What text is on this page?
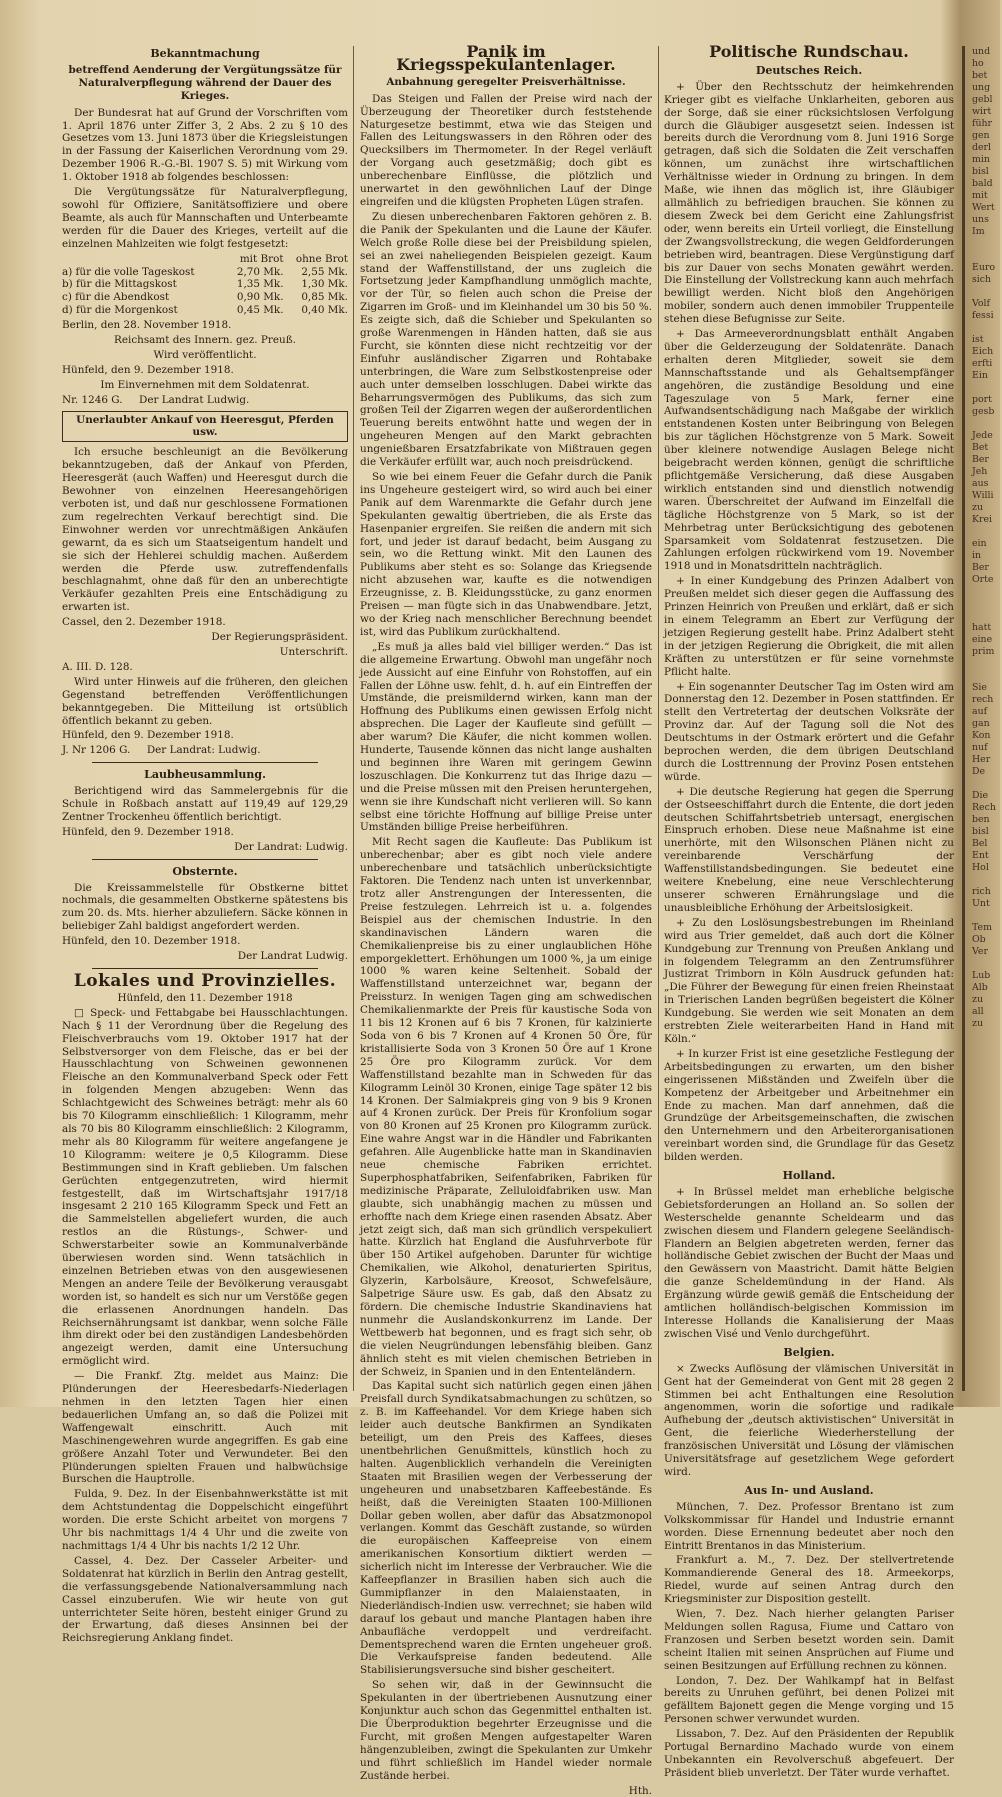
Bekanntmachung
betreffend Aenderung der Vergütungssätze für Naturalverpflegung während der Dauer des Krieges.

Der Bundesrat hat auf Grund der Vorschriften vom 1. April 1876 unter Ziffer 3, 2 Abs. 2 zu § 10 des Gesetzes vom 13. Juni 1873 über die Kriegsleistungen in der Fassung der Kaiserlichen Verordnung vom 29. Dezember 1906 R.-G.-Bl. 1907 S. 5) mit Wirkung vom 1. Oktober 1918 ab folgendes beschlossen:

Die Vergütungssätze für Naturalverpflegung, sowohl für Offiziere, Sanitätsoffiziere und obere Beamte, als auch für Mannschaften und Unterbeamte werden für die Dauer des Krieges, verteilt auf die einzelnen Mahlzeiten wie folgt festgesetzt:

	mit Brot	ohne Brot
a) für die volle Tageskost	2,70 Mk.	2,55 Mk.
b) für die Mittagskost	1,35 Mk.	1,30 Mk.
c) für die Abendkost	0,90 Mk.	0,85 Mk.
d) für die Morgenkost	0,45 Mk.	0,40 Mk.

Berlin, den 28. November 1918.

Reichsamt des Innern. gez. Preuß.

Wird veröffentlicht.

Hünfeld, den 9. Dezember 1918.

Im Einvernehmen mit dem Soldatenrat.

Nr. 1246 G. Der Landrat Ludwig.

Unerlaubter Ankauf von Heeresgut, Pferden usw.

Ich ersuche beschleunigt an die Bevölkerung bekanntzugeben, daß der Ankauf von Pferden, Heeresgerät (auch Waffen) und Heeresgut durch die Bewohner von einzelnen Heeresangehörigen verboten ist, und daß nur geschlossene Formationen zum regelrechten Verkauf berechtigt sind. Die Einwohner werden vor unrechtmäßigen Ankäufen gewarnt, da es sich um Staatseigentum handelt und sie sich der Hehlerei schuldig machen. Außerdem werden die Pferde usw. zutreffendenfalls beschlagnahmt, ohne daß für den an unberechtigte Verkäufer gezahlten Preis eine Entschädigung zu erwarten ist.

Cassel, den 2. Dezember 1918.

Der Regierungspräsident.

Unterschrift.

A. III. D. 128.

Wird unter Hinweis auf die früheren, den gleichen Gegenstand betreffenden Veröffentlichungen bekanntgegeben. Die Mitteilung ist ortsüblich öffentlich bekannt zu geben.

Hünfeld, den 9. Dezember 1918.

J. Nr 1206 G. Der Landrat: Ludwig.

Laubheusammlung.

Berichtigend wird das Sammelergebnis für die Schule in Roßbach anstatt auf 119,49 auf 129,29 Zentner Trockenheu öffentlich berichtigt.

Hünfeld, den 9. Dezember 1918.

Der Landrat: Ludwig.

Obsternte.

Die Kreissammelstelle für Obstkerne bittet nochmals, die gesammelten Obstkerne spätestens bis zum 20. ds. Mts. hierher abzuliefern. Säcke können in beliebiger Zahl baldigst angefordert werden.

Hünfeld, den 10. Dezember 1918.

Der Landrat Ludwig.

Lokales und Provinzielles.

Hünfeld, den 11. Dezember 1918

□ Speck- und Fettabgabe bei Hausschlachtungen. Nach § 11 der Verordnung über die Regelung des Fleischverbrauchs vom 19. Oktober 1917 hat der Selbstversorger von dem Fleische, das er bei der Hausschlachtung von Schweinen gewonnenen Fleische an den Kommunalverband Speck oder Fett in folgenden Mengen abzugeben: Wenn das Schlachtgewicht des Schweines beträgt: mehr als 60 bis 70 Kilogramm einschließlich: 1 Kilogramm, mehr als 70 bis 80 Kilogramm einschließlich: 2 Kilogramm, mehr als 80 Kilogramm für weitere angefangene je 10 Kilogramm: weitere je 0,5 Kilogramm. Diese Bestimmungen sind in Kraft geblieben. Um falschen Gerüchten entgegenzutreten, wird hiermit festgestellt, daß im Wirtschaftsjahr 1917/18 insgesamt 2 210 165 Kilogramm Speck und Fett an die Sammelstellen abgeliefert wurden, die auch restlos an die Rüstungs-, Schwer- und Schwerstarbeiter sowie an Kommunalverbände überwiesen worden sind. Wenn tatsächlich in einzelnen Betrieben etwas von den ausgewiesenen Mengen an andere Teile der Bevölkerung verausgabt worden ist, so handelt es sich nur um Verstöße gegen die erlassenen Anordnungen handeln. Das Reichsernährungsamt ist dankbar, wenn solche Fälle ihm direkt oder bei den zuständigen Landesbehörden angezeigt werden, damit eine Untersuchung ermöglicht wird.

— Die Frankf. Ztg. meldet aus Mainz: Die Plünderungen der Heeresbedarfs-Niederlagen nehmen in den letzten Tagen hier einen bedauerlichen Umfang an, so daß die Polizei mit Waffengewalt einschritt. Auch mit Maschinengewehren wurde angegriffen. Es gab eine größere Anzahl Toter und Verwundeter. Bei den Plünderungen spielten Frauen und halbwüchsige Burschen die Hauptrolle.

Fulda, 9. Dez. In der Eisenbahnwerkstätte ist mit dem Achtstundentag die Doppelschicht eingeführt worden. Die erste Schicht arbeitet von morgens 7 Uhr bis nachmittags 1/4 4 Uhr und die zweite von nachmittags 1/4 4 Uhr bis nachts 1/2 12 Uhr.

Cassel, 4. Dez. Der Casseler Arbeiter- und Soldatenrat hat kürzlich in Berlin den Antrag gestellt, die verfassungsgebende Nationalversammlung nach Cassel einzuberufen. Wie wir heute von gut unterrichteter Seite hören, besteht einiger Grund zu der Erwartung, daß dieses Ansinnen bei der Reichsregierung Anklang findet.

Panik im Kriegsspekulantenlager.
Anbahnung geregelter Preisverhältnisse.

Das Steigen und Fallen der Preise wird nach der Überzeugung der Theoretiker durch feststehende Naturgesetze bestimmt, etwa wie das Steigen und Fallen des Leitungswassers in den Röhren oder des Quecksilbers im Thermometer. In der Regel verläuft der Vorgang auch gesetzmäßig; doch gibt es unberechenbare Einflüsse, die plötzlich und unerwartet in den gewöhnlichen Lauf der Dinge eingreifen und die klügsten Propheten Lügen strafen.

Zu diesen unberechenbaren Faktoren gehören z. B. die Panik der Spekulanten und die Laune der Käufer. Welch große Rolle diese bei der Preisbildung spielen, sei an zwei naheliegenden Beispielen gezeigt. Kaum stand der Waffenstillstand, der uns zugleich die Fortsetzung jeder Kampfhandlung unmöglich machte, vor der Tür, so fielen auch schon die Preise der Zigarren im Groß- und im Kleinhandel um 30 bis 50 %. Es zeigte sich, daß die Schieber und Spekulanten so große Warenmengen in Händen hatten, daß sie aus Furcht, sie könnten diese nicht rechtzeitig vor der Einfuhr ausländischer Zigarren und Rohtabake unterbringen, die Ware zum Selbstkostenpreise oder auch unter demselben losschlugen. Dabei wirkte das Beharrungsvermögen des Publikums, das sich zum großen Teil der Zigarren wegen der außerordentlichen Teuerung bereits entwöhnt hatte und wegen der in ungeheuren Mengen auf den Markt gebrachten ungenießbaren Ersatzfabrikate von Mißtrauen gegen die Verkäufer erfüllt war, auch noch preisdrückend.

So wie bei einem Feuer die Gefahr durch die Panik ins Ungeheure gesteigert wird, so wird auch bei einer Panik auf dem Warenmarkte die Gefahr durch jene Spekulanten gewaltig übertrieben, die als Erste das Hasenpanier ergreifen. Sie reißen die andern mit sich fort, und jeder ist darauf bedacht, beim Ausgang zu sein, wo die Rettung winkt. Mit den Launen des Publikums aber steht es so: Solange das Kriegsende nicht abzusehen war, kaufte es die notwendigen Erzeugnisse, z. B. Kleidungsstücke, zu ganz enormen Preisen — man fügte sich in das Unabwendbare. Jetzt, wo der Krieg nach menschlicher Berechnung beendet ist, wird das Publikum zurückhaltend.

„Es muß ja alles bald viel billiger werden.“ Das ist die allgemeine Erwartung. Obwohl man ungefähr noch jede Aussicht auf eine Einfuhr von Rohstoffen, auf ein Fallen der Löhne usw. fehlt, d. h. auf ein Eintreffen der Umstände, die preismildernd wirken, kann man der Hoffnung des Publikums einen gewissen Erfolg nicht absprechen. Die Lager der Kaufleute sind gefüllt — aber warum? Die Käufer, die nicht kommen wollen. Hunderte, Tausende können das nicht lange aushalten und beginnen ihre Waren mit geringem Gewinn loszuschlagen. Die Konkurrenz tut das Ihrige dazu — und die Preise müssen mit den Preisen heruntergehen, wenn sie ihre Kundschaft nicht verlieren will. So kann selbst eine törichte Hoffnung auf billige Preise unter Umständen billige Preise herbeiführen.

Mit Recht sagen die Kaufleute: Das Publikum ist unberechenbar; aber es gibt noch viele andere unberechenbare und tatsächlich unberücksichtigte Faktoren. Die Tendenz nach unten ist unverkennbar, trotz aller Anstrengungen der Interessenten, die Preise festzulegen. Lehrreich ist u. a. folgendes Beispiel aus der chemischen Industrie. In den skandinavischen Ländern waren die Chemikalienpreise bis zu einer unglaublichen Höhe emporgeklettert. Erhöhungen um 1000 %, ja um einige 1000 % waren keine Seltenheit. Sobald der Waffenstillstand unterzeichnet war, begann der Preissturz. In wenigen Tagen ging am schwedischen Chemikalienmarkte der Preis für kaustische Soda von 11 bis 12 Kronen auf 6 bis 7 Kronen, für kalzinierte Soda von 6 bis 7 Kronen auf 4 Kronen 50 Öre, für kristallisierte Soda von 3 Kronen 50 Öre auf 1 Krone 25 Öre pro Kilogramm zurück. Vor dem Waffenstillstand bezahlte man in Schweden für das Kilogramm Leinöl 30 Kronen, einige Tage später 12 bis 14 Kronen. Der Salmiakpreis ging von 9 bis 9 Kronen auf 4 Kronen zurück. Der Preis für Kronfolium sogar von 80 Kronen auf 25 Kronen pro Kilogramm zurück. Eine wahre Angst war in die Händler und Fabrikanten gefahren. Alle Augenblicke hatte man in Skandinavien neue chemische Fabriken errichtet. Superphosphatfabriken, Seifenfabriken, Fabriken für medizinische Präparate, Zelluloidfabriken usw. Man glaubte, sich unabhängig machen zu müssen und erhoffte nach dem Kriege einen rasenden Absatz. Aber jetzt zeigt sich, daß man sich gründlich verspekuliert hatte. Kürzlich hat England die Ausfuhrverbote für über 150 Artikel aufgehoben. Darunter für wichtige Chemikalien, wie Alkohol, denaturierten Spiritus, Glyzerin, Karbolsäure, Kreosot, Schwefelsäure, Salpetrige Säure usw. Es gab, daß den Absatz zu fördern. Die chemische Industrie Skandinaviens hat nunmehr die Auslandskonkurrenz im Lande. Der Wettbewerb hat begonnen, und es fragt sich sehr, ob die vielen Neugründungen lebensfähig bleiben. Ganz ähnlich steht es mit vielen chemischen Betrieben in der Schweiz, in Spanien und in den Ententeländern.

Das Kapital sucht sich natürlich gegen einen jähen Preisfall durch Syndikatsabmachungen zu schützen, so z. B. im Kaffeehandel. Vor dem Kriege haben sich leider auch deutsche Bankfirmen an Syndikaten beteiligt, um den Preis des Kaffees, dieses unentbehrlichen Genußmittels, künstlich hoch zu halten. Augenblicklich verhandeln die Vereinigten Staaten mit Brasilien wegen der Verbesserung der ungeheuren und unabsetzbaren Kaffeebestände. Es heißt, daß die Vereinigten Staaten 100-Millionen Dollar geben wollen, aber dafür das Absatzmonopol verlangen. Kommt das Geschäft zustande, so würden die europäischen Kaffeepreise von einem amerikanischen Konsortium diktiert werden — sicherlich nicht im Interesse der Verbraucher. Wie die Kaffeepflanzer in Brasilien haben sich auch die Gummipflanzer in den Malaienstaaten, in Niederländisch-Indien usw. verrechnet; sie haben wild darauf los gebaut und manche Plantagen haben ihre Anbaufläche verdoppelt und verdreifacht. Dementsprechend waren die Ernten ungeheuer groß. Die Verkaufspreise fanden bedeutend. Alle Stabilisierungsversuche sind bisher gescheitert.

So sehen wir, daß in der Gewinnsucht die Spekulanten in der übertriebenen Ausnutzung einer Konjunktur auch schon das Gegenmittel enthalten ist. Die Überproduktion begehrter Erzeugnisse und die Furcht, mit großen Mengen aufgestapelter Waren hängenzubleiben, zwingt die Spekulanten zur Umkehr und führt schließlich im Handel wieder normale Zustände herbei.

Hth.

Politische Rundschau.
Deutsches Reich.

+ Über den Rechtsschutz der heimkehrenden Krieger gibt es vielfache Unklarheiten, geboren aus der Sorge, daß sie einer rücksichtslosen Verfolgung durch die Gläubiger ausgesetzt seien. Indessen ist bereits durch die Verordnung vom 8. Juni 1916 Sorge getragen, daß sich die Soldaten die Zeit verschaffen können, um zunächst ihre wirtschaftlichen Verhältnisse wieder in Ordnung zu bringen. In dem Maße, wie ihnen das möglich ist, ihre Gläubiger allmählich zu befriedigen brauchen. Sie können zu diesem Zweck bei dem Gericht eine Zahlungsfrist oder, wenn bereits ein Urteil vorliegt, die Einstellung der Zwangsvollstreckung, die wegen Geldforderungen betrieben wird, beantragen. Diese Vergünstigung darf bis zur Dauer von sechs Monaten gewährt werden. Die Einstellung der Vollstreckung kann auch mehrfach bewilligt werden. Nicht bloß den Angehörigen mobiler, sondern auch denen immobiler Truppenteile stehen diese Befugnisse zur Seite.

+ Das Armeeverordnungsblatt enthält Angaben über die Gelderzeugung der Soldatenräte. Danach erhalten deren Mitglieder, soweit sie dem Mannschaftsstande und als Gehaltsempfänger angehören, die zuständige Besoldung und eine Tageszulage von 5 Mark, ferner eine Aufwandsentschädigung nach Maßgabe der wirklich entstandenen Kosten unter Beibringung von Belegen bis zur täglichen Höchstgrenze von 5 Mark. Soweit über kleinere notwendige Auslagen Belege nicht beigebracht werden können, genügt die schriftliche pflichtgemäße Versicherung, daß diese Ausgaben wirklich entstanden sind und dienstlich notwendig waren. Überschreitet der Aufwand im Einzelfall die tägliche Höchstgrenze von 5 Mark, so ist der Mehrbetrag unter Berücksichtigung des gebotenen Sparsamkeit vom Soldatenrat festzusetzen. Die Zahlungen erfolgen rückwirkend vom 19. November 1918 und in Monatsdritteln nachträglich.

+ In einer Kundgebung des Prinzen Adalbert von Preußen meldet sich dieser gegen die Auffassung des Prinzen Heinrich von Preußen und erklärt, daß er sich in einem Telegramm an Ebert zur Verfügung der jetzigen Regierung gestellt habe. Prinz Adalbert steht in der jetzigen Regierung die Obrigkeit, die mit allen Kräften zu unterstützen er für seine vornehmste Pflicht halte.

+ Ein sogenannter Deutscher Tag im Osten wird am Donnerstag den 12. Dezember in Posen stattfinden. Er stellt den Vertretertag der deutschen Volksräte der Provinz dar. Auf der Tagung soll die Not des Deutschtums in der Ostmark erörtert und die Gefahr beprochen werden, die dem übrigen Deutschland durch die Losttrennung der Provinz Posen entstehen würde.

+ Die deutsche Regierung hat gegen die Sperrung der Ostseeschiffahrt durch die Entente, die dort jeden deutschen Schiffahrtsbetrieb untersagt, energischen Einspruch erhoben. Diese neue Maßnahme ist eine unerhörte, mit den Wilsonschen Plänen nicht zu vereinbarende Verschärfung der Waffenstillstandsbedingungen. Sie bedeutet eine weitere Knebelung, eine neue Verschlechterung unserer schweren Ernährungslage und die unausbleibliche Erhöhung der Arbeitslosigkeit.

+ Zu den Loslösungsbestrebungen im Rheinland wird aus Trier gemeldet, daß auch dort die Kölner Kundgebung zur Trennung von Preußen Anklang und in folgendem Telegramm an den Zentrumsführer Justizrat Trimborn in Köln Ausdruck gefunden hat: „Die Führer der Bewegung für einen freien Rheinstaat in Trierischen Landen begrüßen begeistert die Kölner Kundgebung. Sie werden wie seit Monaten an dem erstrebten Ziele weiterarbeiten Hand in Hand mit Köln.“

+ In kurzer Frist ist eine gesetzliche Festlegung der Arbeitsbedingungen zu erwarten, um den bisher eingerissenen Mißständen und Zweifeln über die Kompetenz der Arbeitgeber und Arbeitnehmer ein Ende zu machen. Man darf annehmen, daß die Grundzüge der Arbeitsgemeinschaften, die zwischen den Unternehmern und den Arbeiterorganisationen vereinbart worden sind, die Grundlage für das Gesetz bilden werden.

Holland.

+ In Brüssel meldet man erhebliche belgische Gebietsforderungen an Holland an. So sollen der Westerschelde genannte Scheldearm und das zwischen diesem und Flandern gelegene Seeländisch-Flandern an Belgien abgetreten werden, ferner das holländische Gebiet zwischen der Bucht der Maas und den Gewässern von Maastricht. Damit hätte Belgien die ganze Scheldemündung in der Hand. Als Ergänzung würde gewiß gemäß die Entscheidung der amtlichen holländisch-belgischen Kommission im Interesse Hollands die Kanalisierung der Maas zwischen Visé und Venlo durchgeführt.

Belgien.

× Zwecks Auflösung der vlämischen Universität in Gent hat der Gemeinderat von Gent mit 28 gegen 2 Stimmen bei acht Enthaltungen eine Resolution angenommen, worin die sofortige und radikale Aufhebung der „deutsch aktivistischen“ Universität in Gent, die feierliche Wiederherstellung der französischen Universität und Lösung der vlämischen Universitätsfrage auf gesetzlichem Wege gefordert wird.

Aus In- und Ausland.

München, 7. Dez. Professor Brentano ist zum Volkskommissar für Handel und Industrie ernannt worden. Diese Ernennung bedeutet aber noch den Eintritt Brentanos in das Ministerium.

Frankfurt a. M., 7. Dez. Der stellvertretende Kommandierende General des 18. Armeekorps, Riedel, wurde auf seinen Antrag durch den Kriegsminister zur Disposition gestellt.

Wien, 7. Dez. Nach hierher gelangten Pariser Meldungen sollen Ragusa, Fiume und Cattaro von Franzosen und Serben besetzt worden sein. Damit scheint Italien mit seinen Ansprüchen auf Fiume und seinen Besitzungen auf Erfüllung rechnen zu können.

London, 7. Dez. Der Wahlkampf hat in Belfast bereits zu Unruhen geführt, bei denen Polizei mit gefälltem Bajonett gegen die Menge vorging und 15 Personen schwer verwundet wurden.

Lissabon, 7. Dez. Auf den Präsidenten der Republik Portugal Bernardino Machado wurde von einem Unbekannten ein Revolverschuß abgefeuert. Der Präsident blieb unverletzt. Der Täter wurde verhaftet.

und
ho
bet
ung
gebl
wirt
führ
gen
derl
min
bisl
bald
mit
Wert
uns
Im

Euro
sich

Volf
fessi

ist
Eich
erfti
Ein

port
gesb

Jede
Bet
Ber
Jeh
aus
Willi
zu
Krei

ein
in
Ber
Orte

hatt
eine
prim

Sie
rech
auf
gan
Kon
nuf
Her
De

Die
Rech
ben
bisl
Bel
Ent
Hol

rich
Unt

Tem
Ob
Ver

Lub
Alb
zu
all
zu
